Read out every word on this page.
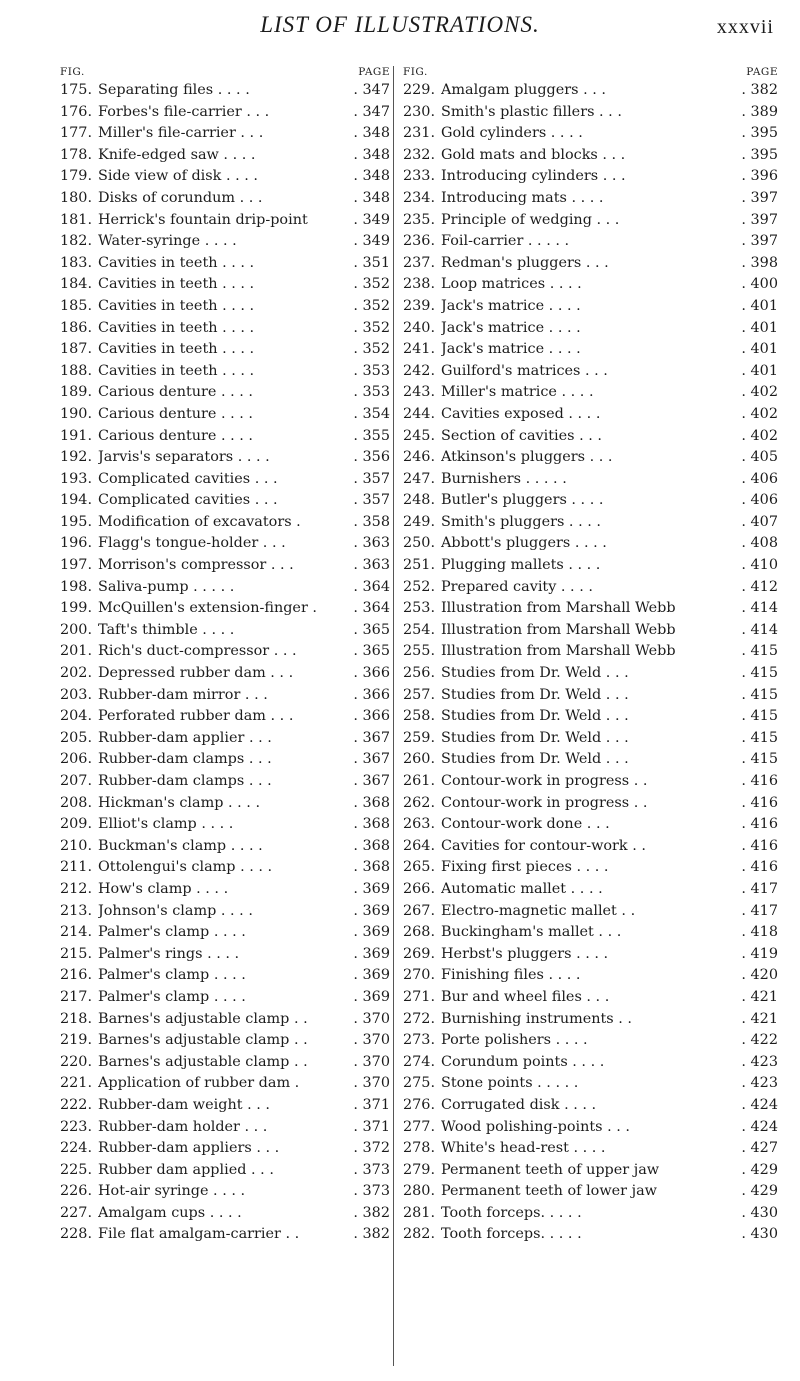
LIST OF ILLUSTRATIONS.	xxxvii
FIG.	PAGE
175. Separating files . . . .	. 347
176. Forbes's file-carrier . . .	. 347
177. Miller's file-carrier . . .	. 348
178. Knife-edged saw . . . .	. 348
179. Side view of disk . . . .	. 348
180. Disks of corundum . . .	. 348
181. Herrick's fountain drip-point	. 349
182. Water-syringe . . . .	. 349
183. Cavities in teeth . . . .	. 351
184. Cavities in teeth . . . .	. 352
185. Cavities in teeth . . . .	. 352
186. Cavities in teeth . . . .	. 352
187. Cavities in teeth . . . .	. 352
188. Cavities in teeth . . . .	. 353
189. Carious denture . . . .	. 353
190. Carious denture . . . .	. 354
191. Carious denture . . . .	. 355
192. Jarvis's separators . . . .	. 356
193. Complicated cavities . . .	. 357
194. Complicated cavities . . .	. 357
195. Modification of excavators .	. 358
196. Flagg's tongue-holder . . .	. 363
197. Morrison's compressor . . .	. 363
198. Saliva-pump . . . . .	. 364
199. McQuillen's extension-finger .	. 364
200. Taft's thimble . . . .	. 365
201. Rich's duct-compressor . . .	. 365
202. Depressed rubber dam . . .	. 366
203. Rubber-dam mirror . . .	. 366
204. Perforated rubber dam . . .	. 366
205. Rubber-dam applier . . .	. 367
206. Rubber-dam clamps . . .	. 367
207. Rubber-dam clamps . . .	. 367
208. Hickman's clamp . . . .	. 368
209. Elliot's clamp . . . .	. 368
210. Buckman's clamp . . . .	. 368
211. Ottolengui's clamp . . . .	. 368
212. How's clamp . . . .	. 369
213. Johnson's clamp . . . .	. 369
214. Palmer's clamp . . . .	. 369
215. Palmer's rings . . . .	. 369
216. Palmer's clamp . . . .	. 369
217. Palmer's clamp . . . .	. 369
218. Barnes's adjustable clamp . .	. 370
219. Barnes's adjustable clamp . .	. 370
220. Barnes's adjustable clamp . .	. 370
221. Application of rubber dam .	. 370
222. Rubber-dam weight . . .	. 371
223. Rubber-dam holder . . .	. 371
224. Rubber-dam appliers . . .	. 372
225. Rubber dam applied . . .	. 373
226. Hot-air syringe . . . .	. 373
227. Amalgam cups . . . .	. 382
228. File flat amalgam-carrier . .	. 382
FIG.	PAGE
229. Amalgam pluggers . . .	. 382
230. Smith's plastic fillers . . .	. 389
231. Gold cylinders . . . .	. 395
232. Gold mats and blocks . . .	. 395
233. Introducing cylinders . . .	. 396
234. Introducing mats . . . .	. 397
235. Principle of wedging . . .	. 397
236. Foil-carrier . . . . .	. 397
237. Redman's pluggers . . .	. 398
238. Loop matrices . . . .	. 400
239. Jack's matrice . . . .	. 401
240. Jack's matrice . . . .	. 401
241. Jack's matrice . . . .	. 401
242. Guilford's matrices . . .	. 401
243. Miller's matrice . . . .	. 402
244. Cavities exposed . . . .	. 402
245. Section of cavities . . .	. 402
246. Atkinson's pluggers . . .	. 405
247. Burnishers . . . . .	. 406
248. Butler's pluggers . . . .	. 406
249. Smith's pluggers . . . .	. 407
250. Abbott's pluggers . . . .	. 408
251. Plugging mallets . . . .	. 410
252. Prepared cavity . . . .	. 412
253. Illustration from Marshall Webb	. 414
254. Illustration from Marshall Webb	. 414
255. Illustration from Marshall Webb	. 415
256. Studies from Dr. Weld . . .	. 415
257. Studies from Dr. Weld . . .	. 415
258. Studies from Dr. Weld . . .	. 415
259. Studies from Dr. Weld . . .	. 415
260. Studies from Dr. Weld . . .	. 415
261. Contour-work in progress . .	. 416
262. Contour-work in progress . .	. 416
263. Contour-work done . . .	. 416
264. Cavities for contour-work . .	. 416
265. Fixing first pieces . . . .	. 416
266. Automatic mallet . . . .	. 417
267. Electro-magnetic mallet . .	. 417
268. Buckingham's mallet . . .	. 418
269. Herbst's pluggers . . . .	. 419
270. Finishing files . . . .	. 420
271. Bur and wheel files . . .	. 421
272. Burnishing instruments . .	. 421
273. Porte polishers . . . .	. 422
274. Corundum points . . . .	. 423
275. Stone points . . . . .	. 423
276. Corrugated disk . . . .	. 424
277. Wood polishing-points . . .	. 424
278. White's head-rest . . . .	. 427
279. Permanent teeth of upper jaw	. 429
280. Permanent teeth of lower jaw	. 429
281. Tooth forceps. . . . .	. 430
282. Tooth forceps. . . . .	. 430
